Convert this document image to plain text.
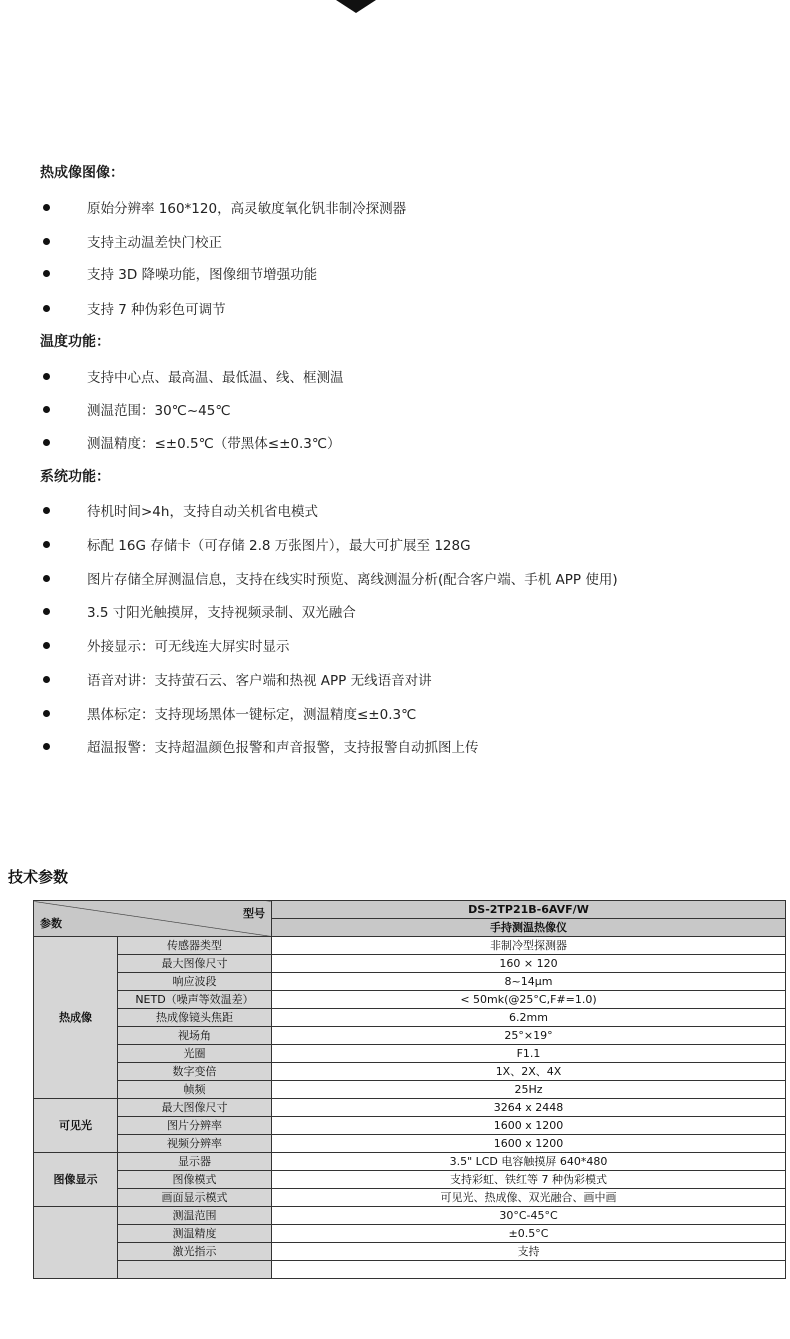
热成像图像：
原始分辨率 160*120，高灵敏度氧化钒非制冷探测器
支持主动温差快门校正
支持 3D 降噪功能，图像细节增强功能
支持 7 种伪彩色可调节
温度功能：
支持中心点、最高温、最低温、线、框测温
测温范围：30℃~45℃
测温精度：≤±0.5℃（带黑体≤±0.3℃）
系统功能：
待机时间>4h，支持自动关机省电模式
标配 16G 存储卡（可存储 2.8 万张图片），最大可扩展至 128G
图片存储全屏测温信息，支持在线实时预览、离线测温分析(配合客户端、手机 APP 使用)
3.5 寸阳光触摸屏，支持视频录制、双光融合
外接显示：可无线连大屏实时显示
语音对讲：支持萤石云、客户端和热视 APP 无线语音对讲
黑体标定：支持现场黑体一键标定，测温精度≤±0.3℃
超温报警：支持超温颜色报警和声音报警，支持报警自动抓图上传
技术参数
型号
参数		DS-2TP21B-6AVF/W
		手持测温热像仪
热成像	传感器类型	非制冷型探测器
	最大图像尺寸	160 × 120
	响应波段	8~14μm
	NETD（噪声等效温差）	< 50mk(@25°C,F#=1.0)
	热成像镜头焦距	6.2mm
	视场角	25°×19°
	光圈	F1.1
	数字变倍	1X、2X、4X
	帧频	25Hz
可见光	最大图像尺寸	3264 x 2448
	图片分辨率	1600 x 1200
	视频分辨率	1600 x 1200
图像显示	显示器	3.5" LCD 电容触摸屏 640*480
	图像模式	支持彩虹、铁红等 7 种伪彩模式
	画面显示模式	可见光、热成像、双光融合、画中画
	测温范围	30°C-45°C
	测温精度	±0.5°C
	激光指示	支持
